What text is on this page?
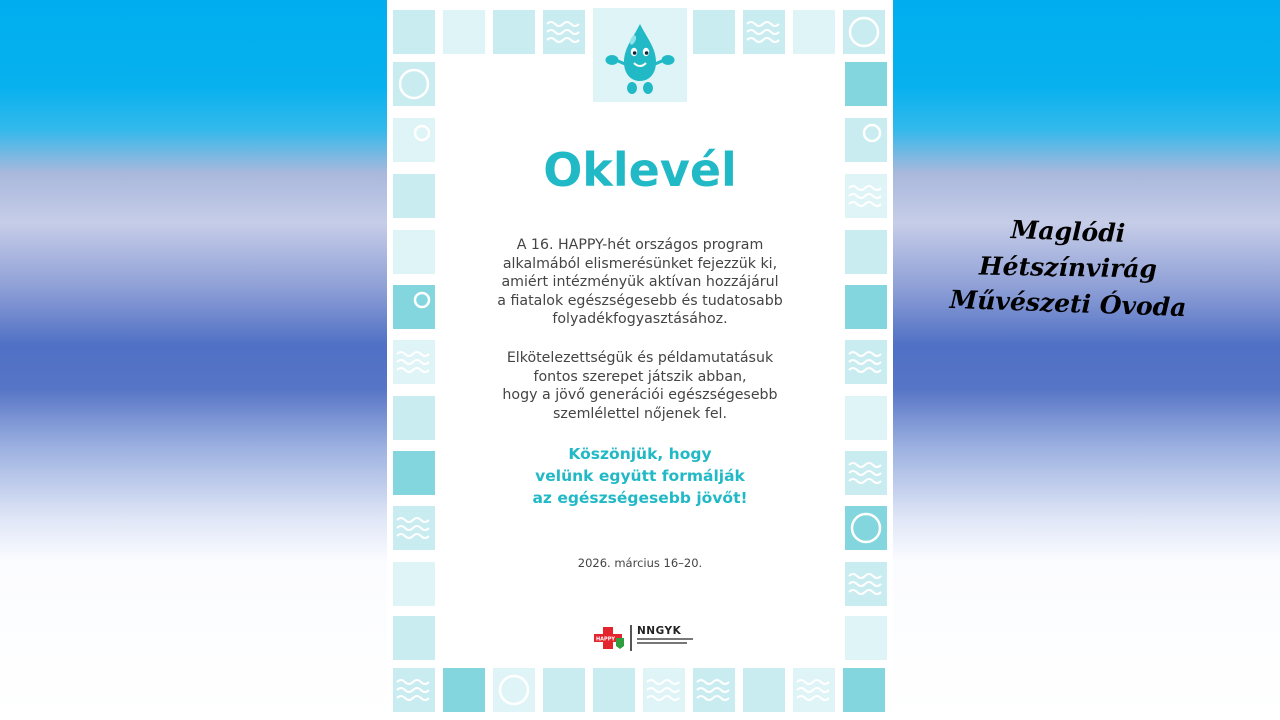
Oklevél

A 16. HAPPY-hét országos program
alkalmából elismerésünket fejezzük ki,
amiért intézményük aktívan hozzájárul
a fiatalok egészségesebb és tudatosabb
folyadékfogyasztásához.

Elkötelezettségük és példamutatásuk
fontos szerepet játszik abban,
hogy a jövő generációi egészségesebb
szemlélettel nőjenek fel.

Köszönjük, hogy
velünk együtt formálják
az egészségesebb jövőt!

2026. március 16–20.
HAPPY
NNGYK
Maglódi
Hétszínvirág
Művészeti Óvoda
